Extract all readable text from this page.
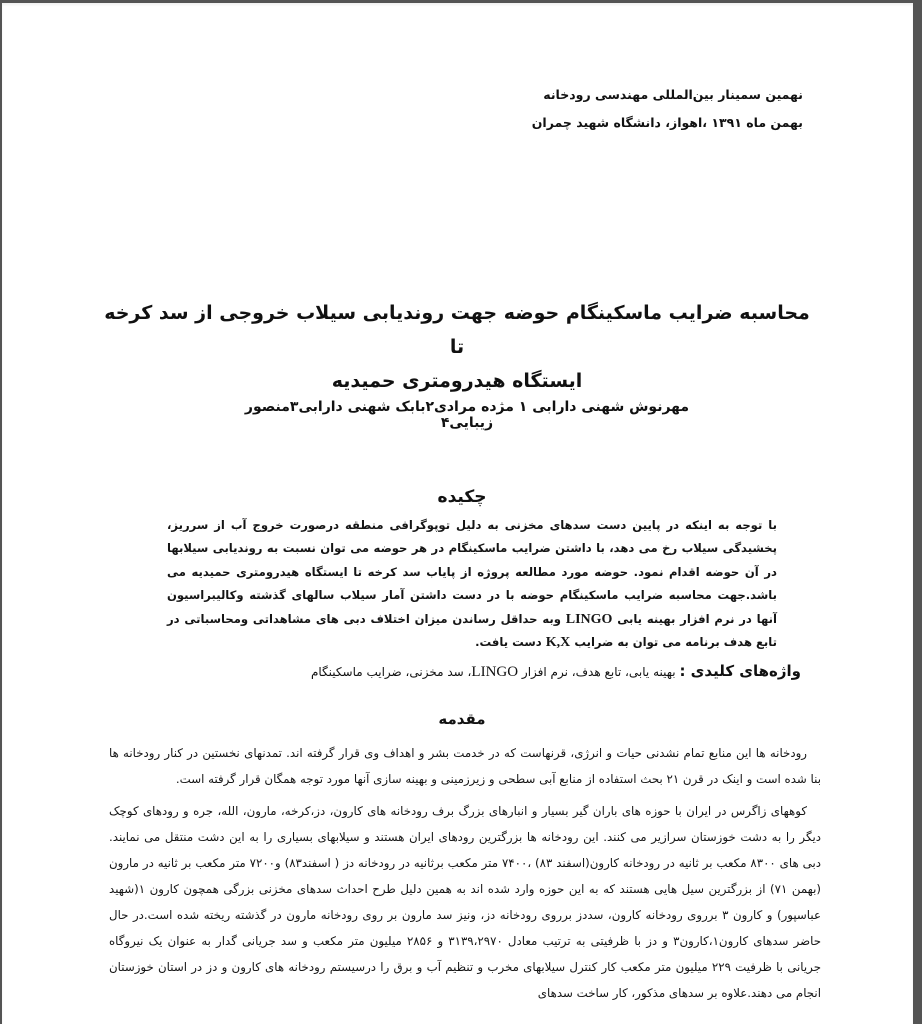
نهمین سمینار بین‌المللی مهندسی رودخانه
بهمن ماه ۱۳۹۱ ،اهواز، دانشگاه شهید چمران
محاسبه ضرایب ماسکینگام حوضه جهت روندیابی سیلاب خروجی از سد کرخه تا
ایستگاه هیدرومتری حمیدیه
مهرنوش شهنی دارابی ۱ مژده مرادی۲بابک شهنی دارابی۳منصور زیبایی۴
چکیده
با توجه به اینکه در پایین دست سدهای مخزنی به دلیل توپوگرافی منطقه درصورت خروج آب از سرریز، پخشیدگی سیلاب رخ می دهد، با داشتن ضرایب ماسکینگام در هر حوضه می توان نسبت به روندیابی سیلابها در آن حوضه اقدام نمود. حوضه مورد مطالعه پروژه از پایاب سد کرخه تا ایستگاه هیدرومتری حمیدیه می باشد.جهت محاسبه ضرایب ماسکینگام حوضه با در دست داشتن آمار سیلاب سالهای گذشته وکالیبراسیون آنها در نرم افزار بهینه یابی LINGO وبه حداقل رساندن میزان اختلاف دبی های مشاهداتی ومحاسباتی در تابع هدف برنامه می توان به ضرایب K,X دست یافت.
واژه‌های کلیدی : بهینه یابی، تابع هدف، نرم افزار LINGO، سد مخزنی، ضرایب ماسکینگام
مقدمه

رودخانه ها این منابع تمام نشدنی حیات و انرژی، قرنهاست که در خدمت بشر و اهداف وی قرار گرفته اند. تمدنهای نخستین در کنار رودخانه ها بنا شده است و اینک در قرن ۲۱ بحث استفاده از منابع آبی سطحی و زیرزمینی و بهینه سازی آنها مورد توجه همگان قرار گرفته است.

کوههای زاگرس در ایران با حوزه های باران گیر بسیار و انبارهای بزرگ برف رودخانه های کارون، دز،کرخه، مارون، الله، جره و رودهای کوچک دیگر را به دشت خوزستان سرازیر می کنند. این رودخانه ها بزرگترین رودهای ایران هستند و سیلابهای بسیاری را به این دشت منتقل می نمایند. دبی های ۸۳۰۰ مکعب بر ثانیه در رودخانه کارون(اسفند ۸۳) ،۷۴۰۰ متر مکعب برثانیه در رودخانه دز ( اسفند۸۳) و۷۲۰۰ متر مکعب بر ثانیه در مارون (بهمن ۷۱) از بزرگترین سیل هایی هستند که به این حوزه وارد شده اند به همین دلیل طرح احداث سدهای مخزنی بزرگی همچون کارون ۱(شهید عباسپور) و کارون ۳ برروی رودخانه کارون، سددز برروی رودخانه دز، ونیز سد مارون بر روی رودخانه مارون در گذشته ریخته شده است.در حال حاضر سدهای کارون۱،کارون۳ و دز با ظرفیتی به ترتیب معادل ۳۱۳۹،۲۹۷۰ و ۲۸۵۶ میلیون متر مکعب و سد جریانی گدار به عنوان یک نیروگاه جریانی با ظرفیت ۲۲۹ میلیون متر مکعب کار کنترل سیلابهای مخرب و تنظیم آب و برق را درسیستم رودخانه های کارون و دز در استان خوزستان انجام می دهند.علاوه بر سدهای مذکور، کار ساخت سدهای
